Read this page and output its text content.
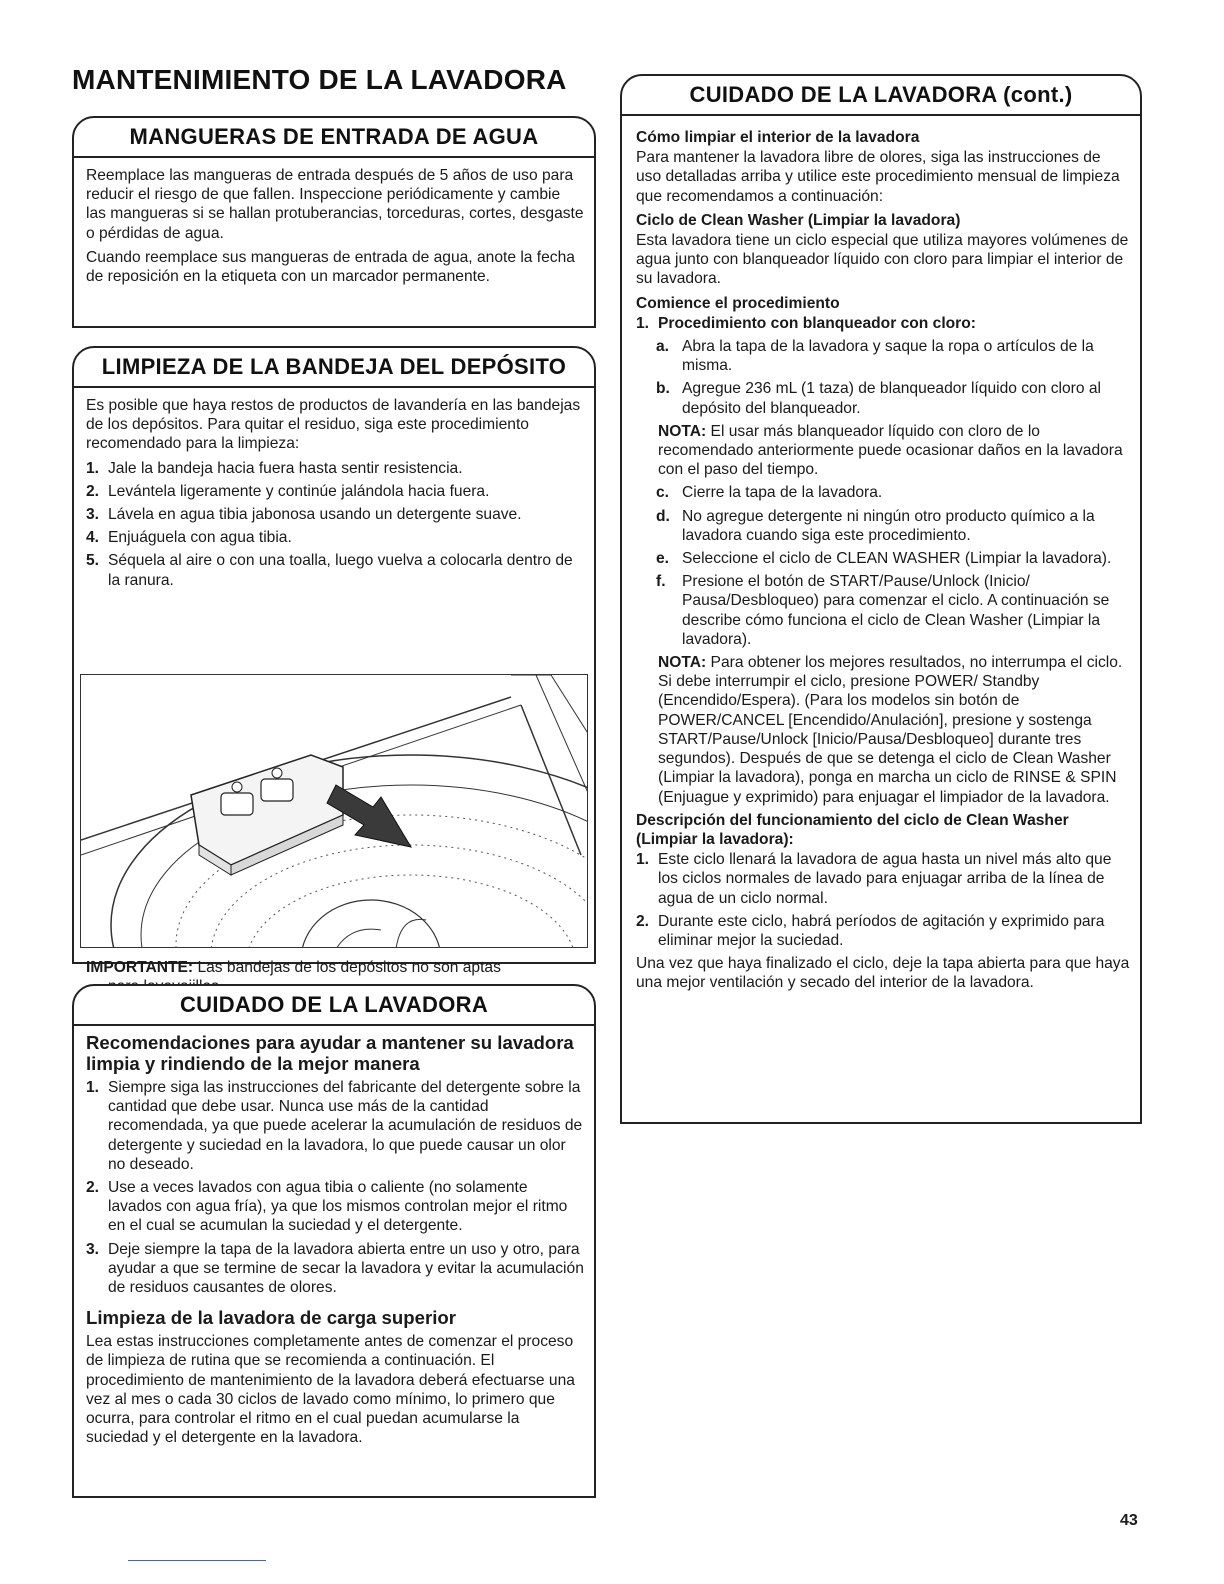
MANTENIMIENTO DE LA LAVADORA
MANGUERAS DE ENTRADA DE AGUA

Reemplace las mangueras de entrada después de 5 años de uso para reducir el riesgo de que fallen. Inspeccione periódicamente y cambie las mangueras si se hallan protuberancias, torceduras, cortes, desgaste o pérdidas de agua.

Cuando reemplace sus mangueras de entrada de agua, anote la fecha de reposición en la etiqueta con un marcador permanente.

LIMPIEZA DE LA BANDEJA DEL DEPÓSITO

Es posible que haya restos de productos de lavandería en las bandejas de los depósitos. Para quitar el residuo, siga este procedimiento recomendado para la limpieza:

1. Jale la bandeja hacia fuera hasta sentir resistencia.
2. Levántela ligeramente y continúe jalándola hacia fuera.
3. Lávela en agua tibia jabonosa usando un detergente suave.
4. Enjuáguela con agua tibia.
5. Séquela al aire o con una toalla, luego vuelva a colocarla dentro de la ranura.
IMPORTANTE: Las bandejas de los depósitos no son aptas
CUIDADO DE LA LAVADORA

Recomendaciones para ayudar a mantener su lavadora limpia y rindiendo de la mejor manera

1. Siempre siga las instrucciones del fabricante del detergente sobre la cantidad que debe usar. Nunca use más de la cantidad recomendada, ya que puede acelerar la acumulación de residuos de detergente y suciedad en la lavadora, lo que puede causar un olor no deseado.
2. Use a veces lavados con agua tibia o caliente (no solamente lavados con agua fría), ya que los mismos controlan mejor el ritmo en el cual se acumulan la suciedad y el detergente.
3. Deje siempre la tapa de la lavadora abierta entre un uso y otro, para ayudar a que se termine de secar la lavadora y evitar la acumulación de residuos causantes de olores.

Limpieza de la lavadora de carga superior

Lea estas instrucciones completamente antes de comenzar el proceso de limpieza de rutina que se recomienda a continuación. El procedimiento de mantenimiento de la lavadora deberá efectuarse una vez al mes o cada 30 ciclos de lavado como mínimo, lo primero que ocurra, para controlar el ritmo en el cual puedan acumularse la suciedad y el detergente en la lavadora.

CUIDADO DE LA LAVADORA (cont.)

Cómo limpiar el interior de la lavadora

Para mantener la lavadora libre de olores, siga las instrucciones de uso detalladas arriba y utilice este procedimiento mensual de limpieza que recomendamos a continuación:

Ciclo de Clean Washer (Limpiar la lavadora)

Esta lavadora tiene un ciclo especial que utiliza mayores volúmenes de agua junto con blanqueador líquido con cloro para limpiar el interior de su lavadora.

Comience el procedimiento

1. Procedimiento con blanqueador con cloro:
a. Abra la tapa de la lavadora y saque la ropa o artículos de la misma.
b. Agregue 236 mL (1 taza) de blanqueador líquido con cloro al depósito del blanqueador.

NOTA: El usar más blanqueador líquido con cloro de lo recomendado anteriormente puede ocasionar daños en la lavadora con el paso del tiempo.

c. Cierre la tapa de la lavadora.
d. No agregue detergente ni ningún otro producto químico a la lavadora cuando siga este procedimiento.
e. Seleccione el ciclo de CLEAN WASHER (Limpiar la lavadora).
f.	Presione el botón de START/Pause/Unlock (Inicio/ Pausa/Desbloqueo) para comenzar el ciclo. A continuación se describe cómo funciona el ciclo de Clean Washer (Limpiar la lavadora).

NOTA: Para obtener los mejores resultados, no interrumpa el ciclo. Si debe interrumpir el ciclo, presione POWER/ Standby (Encendido/Espera). (Para los modelos sin botón de POWER/CANCEL [Encendido/Anulación], presione y sostenga START/Pause/Unlock [Inicio/Pausa/Desbloqueo] durante tres segundos). Después de que se detenga el ciclo de Clean Washer (Limpiar la lavadora), ponga en marcha un ciclo de RINSE & SPIN (Enjuague y exprimido) para enjuagar el limpiador de la lavadora.

Descripción del funcionamiento del ciclo de Clean Washer (Limpiar la lavadora):

1. Este ciclo llenará la lavadora de agua hasta un nivel más alto que los ciclos normales de lavado para enjuagar arriba de la línea de agua de un ciclo normal.
2. Durante este ciclo, habrá períodos de agitación y exprimido para eliminar mejor la suciedad.

Una vez que haya finalizado el ciclo, deje la tapa abierta para que haya una mejor ventilación y secado del interior de la lavadora.

43
